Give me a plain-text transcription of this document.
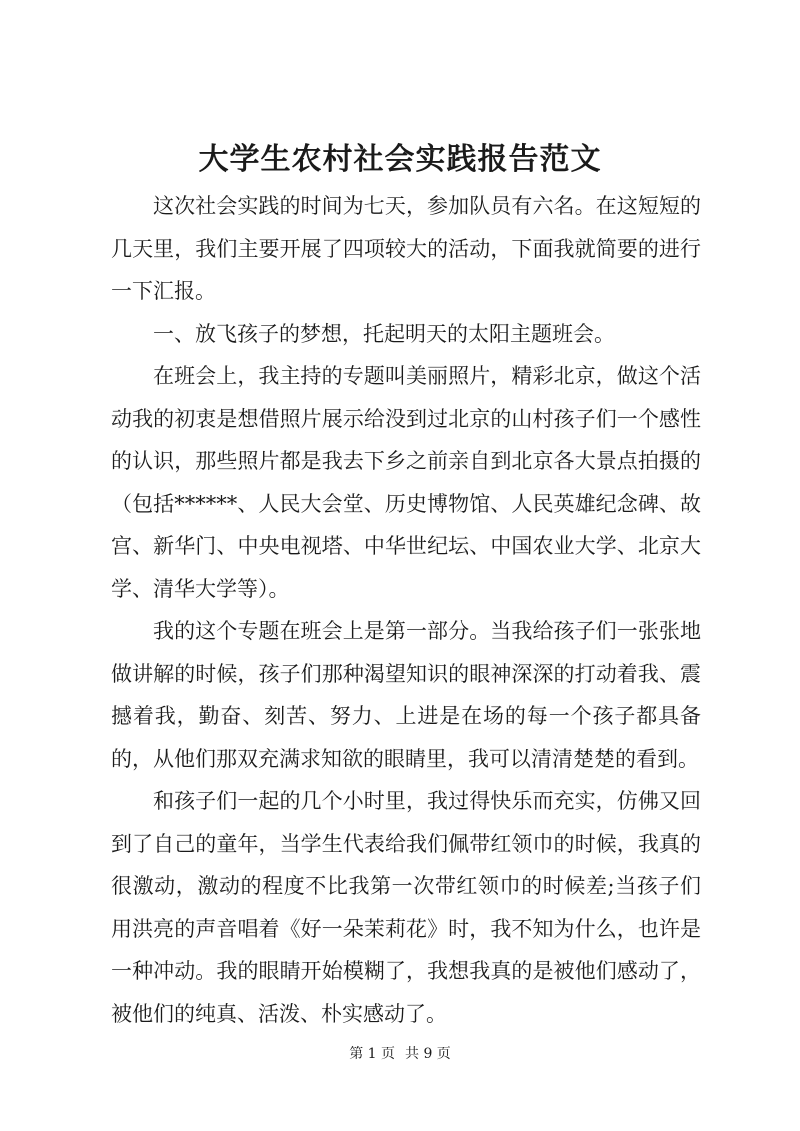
大学生农村社会实践报告范文

这次社会实践的时间为七天，参加队员有六名。在这短短的几天里，我们主要开展了四项较大的活动，下面我就简要的进行一下汇报。

一、放飞孩子的梦想，托起明天的太阳主题班会。

在班会上，我主持的专题叫美丽照片，精彩北京，做这个活动我的初衷是想借照片展示给没到过北京的山村孩子们一个感性的认识，那些照片都是我去下乡之前亲自到北京各大景点拍摄的（包括******、人民大会堂、历史博物馆、人民英雄纪念碑、故宫、新华门、中央电视塔、中华世纪坛、中国农业大学、北京大学、清华大学等）。

我的这个专题在班会上是第一部分。当我给孩子们一张张地做讲解的时候，孩子们那种渴望知识的眼神深深的打动着我、震撼着我，勤奋、刻苦、努力、上进是在场的每一个孩子都具备的，从他们那双充满求知欲的眼睛里，我可以清清楚楚的看到。

和孩子们一起的几个小时里，我过得快乐而充实，仿佛又回到了自己的童年，当学生代表给我们佩带红领巾的时候，我真的很激动，激动的程度不比我第一次带红领巾的时候差;当孩子们用洪亮的声音唱着《好一朵茉莉花》时，我不知为什么，也许是一种冲动。我的眼睛开始模糊了，我想我真的是被他们感动了，被他们的纯真、活泼、朴实感动了。

第 1 页 共 9 页
